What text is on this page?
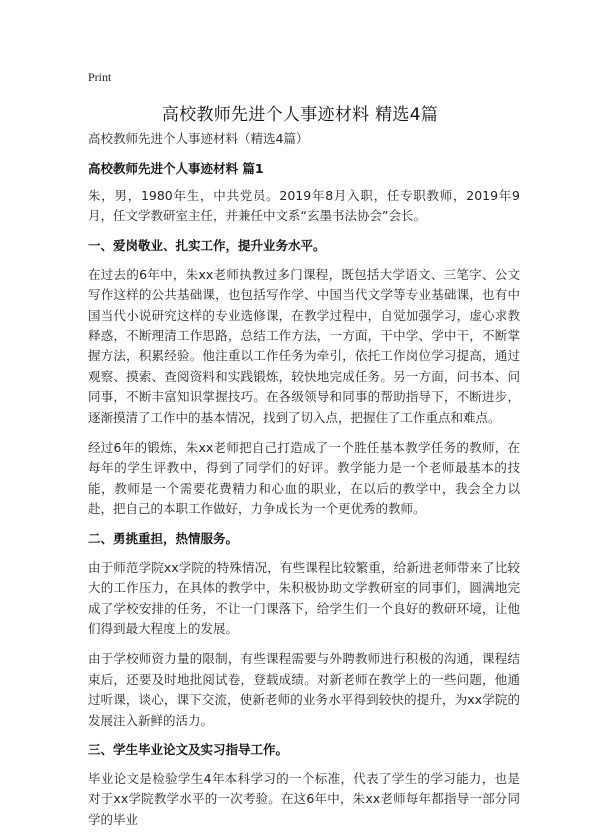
Print
高校教师先进个人事迹材料 精选4篇

高校教师先进个人事迹材料（精选4篇）

高校教师先进个人事迹材料 篇1

朱，男，1980年生，中共党员。2019年8月入职，任专职教师，2019年9月，任文学教研室主任，并兼任中文系“玄墨书法协会”会长。

一、爱岗敬业、扎实工作，提升业务水平。

在过去的6年中，朱xx老师执教过多门课程，既包括大学语文、三笔字、公文写作这样的公共基础课，也包括写作学、中国当代文学等专业基础课，也有中国当代小说研究这样的专业选修课，在教学过程中，自觉加强学习，虚心求教释惑，不断理清工作思路，总结工作方法，一方面，干中学、学中干，不断掌握方法，积累经验。他注重以工作任务为牵引，依托工作岗位学习提高，通过观察、摸索、查阅资料和实践锻炼，较快地完成任务。另一方面，问书本、问同事，不断丰富知识掌握技巧。在各级领导和同事的帮助指导下，不断进步，逐渐摸清了工作中的基本情况，找到了切入点，把握住了工作重点和难点。

经过6年的锻炼，朱xx老师把自己打造成了一个胜任基本教学任务的教师，在每年的学生评教中，得到了同学们的好评。教学能力是一个老师最基本的技能，教师是一个需要花费精力和心血的职业，在以后的教学中，我会全力以赴，把自己的本职工作做好，力争成长为一个更优秀的教师。

二、勇挑重担，热情服务。

由于师范学院xx学院的特殊情况，有些课程比较繁重，给新进老师带来了比较大的工作压力，在具体的教学中，朱积极协助文学教研室的同事们，圆满地完成了学校安排的任务，不让一门课落下，给学生们一个良好的教研环境，让他们得到最大程度上的发展。

由于学校师资力量的限制，有些课程需要与外聘教师进行积极的沟通，课程结束后，还要及时地批阅试卷，登载成绩。对新老师在教学上的一些问题，他通过听课，谈心，课下交流，使新老师的业务水平得到较快的提升，为xx学院的发展注入新鲜的活力。

三、学生毕业论文及实习指导工作。

毕业论文是检验学生4年本科学习的一个标准，代表了学生的学习能力，也是对于xx学院教学水平的一次考验。在这6年中，朱xx老师每年都指导一部分同学的毕业
